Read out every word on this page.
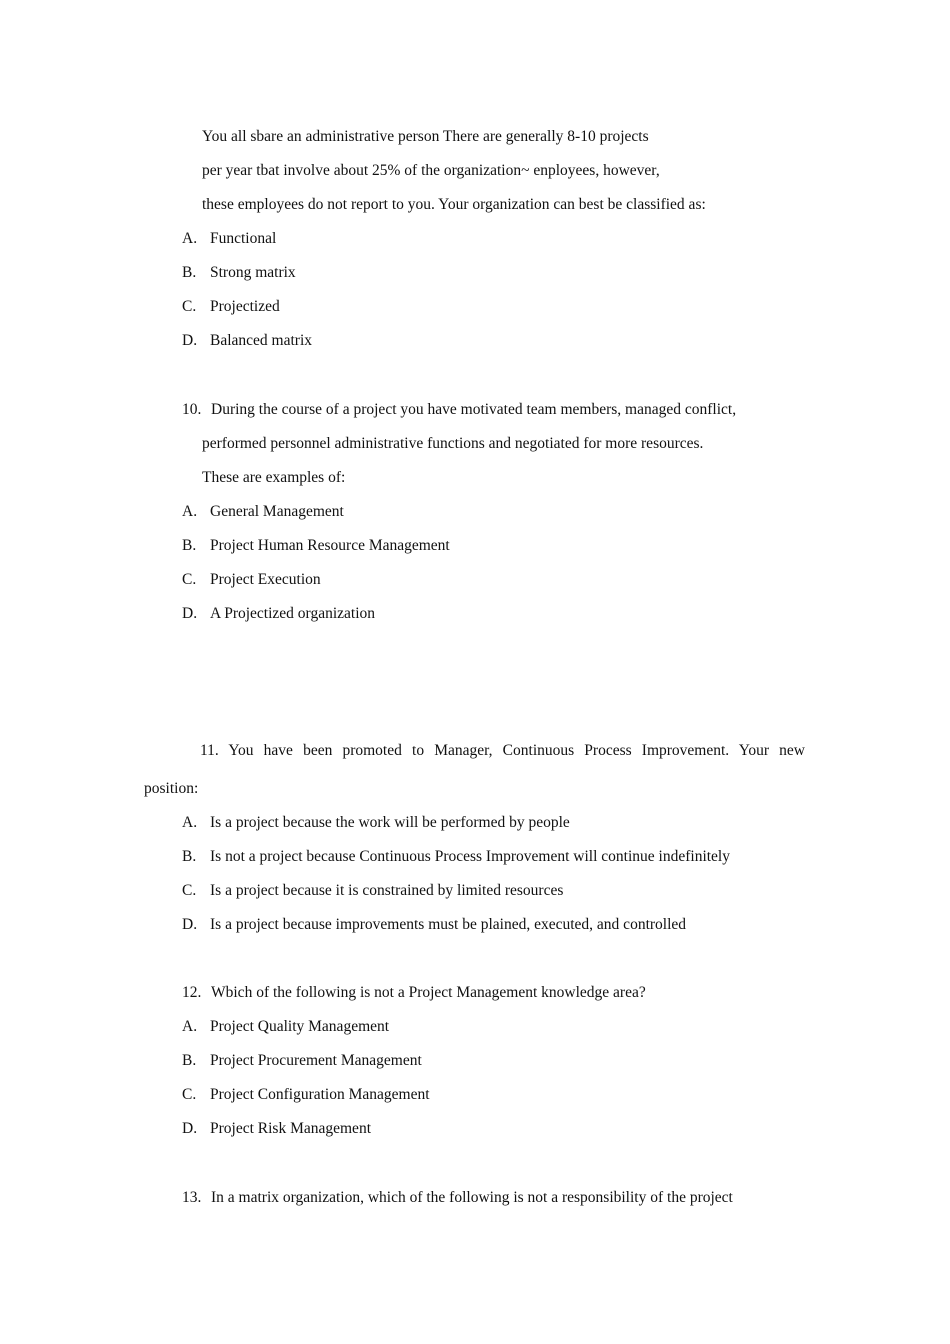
You all sbare an administrative person There are generally 8-10 projects
per year tbat involve about 25% of the organization~ enployees, however,
these employees do not report to you. Your organization can best be classified as:
A. Functional
B. Strong matrix
C. Projectized
D. Balanced matrix
10. During the course of a project you have motivated team members, managed conflict,
performed personnel administrative functions and negotiated for more resources.
These are examples of:
A. General Management
B. Project Human Resource Management
C. Project Execution
D. A Projectized organization
11. You have been promoted to Manager, Continuous Process Improvement. Your new
position:
A. Is a project because the work will be performed by people
B. Is not a project because Continuous Process Improvement will continue indefinitely
C. Is a project because it is constrained by limited resources
D. Is a project because improvements must be plained, executed, and controlled
12. Wbich of the following is not a Project Management knowledge area?
A. Project Quality Management
B. Project Procurement Management
C. Project Configuration Management
D. Project Risk Management
13. In a matrix organization, which of the following is not a responsibility of the project
